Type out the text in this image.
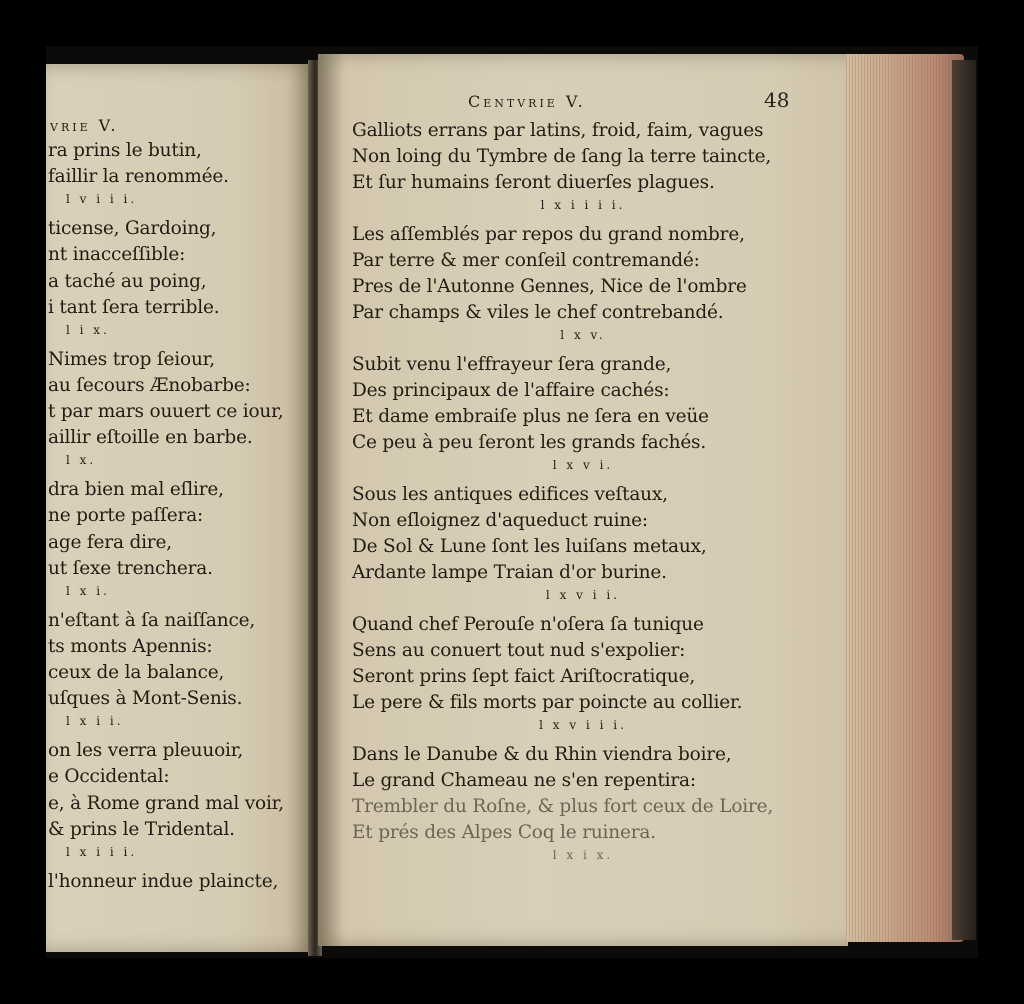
vrie V.
ra prins le butin,
faillir la renommée.
l v i i i.
ticense, Gardoing,
nt inacceſſible:
a taché au poing,
i tant ſera terrible.
l i x.
Nimes trop ſeiour,
au ſecours Ænobarbe:
t par mars ouuert ce iour,
aillir eſtoille en barbe.
l x.
dra bien mal eſlire,
ne porte paſſera:
age fera dire,
ut ſexe trenchera.
l x i.
n'eſtant à ſa naiſſance,
ts monts Apennis:
ceux de la balance,
uſques à Mont-Senis.
l x i i.
on les verra pleuuoir,
e Occidental:
e, à Rome grand mal voir,
& prins le Tridental.
l x i i i.
l'honneur indue plaincte,
Centvrie V.	48
Galliots errans par latins, froid, faim, vagues
Non loing du Tymbre de ſang la terre taincte,
Et ſur humains ſeront diuerſes plagues.
l x i i i i.
Les aſſemblés par repos du grand nombre,
Par terre & mer conſeil contremandé:
Pres de l'Autonne Gennes, Nice de l'ombre
Par champs & viles le chef contrebandé.
l x v.
Subit venu l'effrayeur ſera grande,
Des principaux de l'affaire cachés:
Et dame embraiſe plus ne ſera en veüe
Ce peu à peu ſeront les grands fachés.
l x v i.
Sous les antiques edifices veſtaux,
Non eſloignez d'aqueduct ruine:
De Sol & Lune ſont les luiſans metaux,
Ardante lampe Traian d'or burine.
l x v i i.
Quand chef Perouſe n'oſera ſa tunique
Sens au conuert tout nud s'expolier:
Seront prins ſept faict Ariſtocratique,
Le pere & fils morts par poincte au collier.
l x v i i i.
Dans le Danube & du Rhin viendra boire,
Le grand Chameau ne s'en repentira:
Trembler du Roſne, & plus fort ceux de Loire,
Et prés des Alpes Coq le ruinera.
l x i x.
